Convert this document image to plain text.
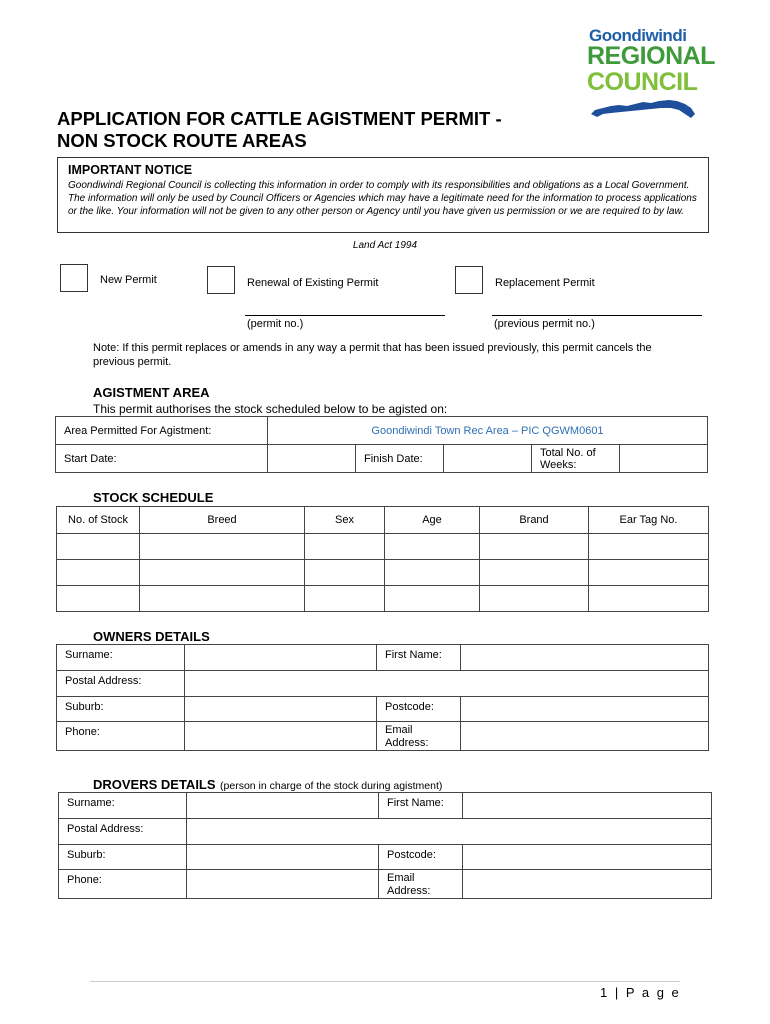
Goondiwindi
REGIONAL
COUNCIL
APPLICATION FOR CATTLE AGISTMENT PERMIT -
NON STOCK ROUTE AREAS
IMPORTANT NOTICE
Goondiwindi Regional Council is collecting this information in order to comply with its responsibilities and obligations as a Local Government. The information will only be used by Council Officers or Agencies which may have a legitimate need for the information to process applications or the like. Your information will not be given to any other person or Agency until you have given us permission or we are required to by law.
Land Act 1994
New Permit	Renewal of Existing Permit
(permit no.)
Replacement Permit
(previous permit no.)
Note: If this permit replaces or amends in any way a permit that has been issued previously, this permit cancels the previous permit.
AGISTMENT AREA
This permit authorises the stock scheduled below to be agisted on:
Area Permitted For Agistment:	Goondiwindi Town Rec Area – PIC QGWM0601				
Start Date:		Finish Date:		Total No. of Weeks:	
STOCK SCHEDULE
No. of Stock	Breed	Sex	Age	Brand	Ear Tag No.

OWNERS DETAILS
Surname:		First Name:	
Postal Address:			
Suburb:		Postcode:	
Phone:		Email
Address:	

DROVERS DETAILS (person in charge of the stock during agistment)
Surname:		First Name:	
Postal Address:			
Suburb:		Postcode:	
Phone:		Email
Address:	

1 | P a g e
